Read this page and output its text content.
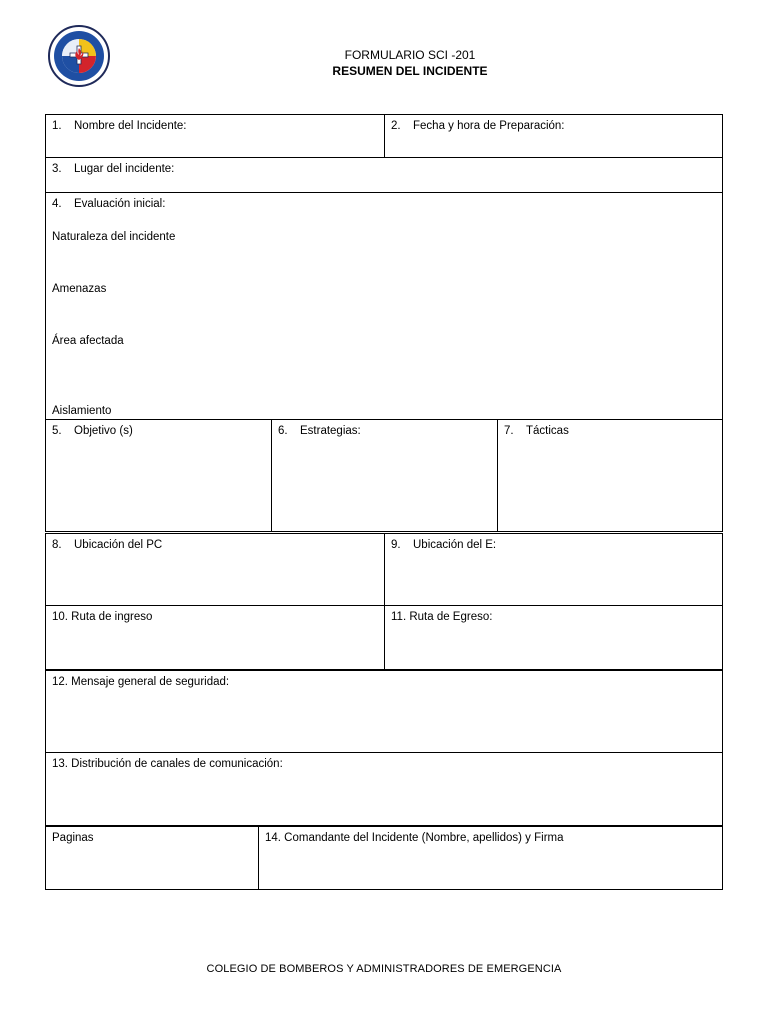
FORMULARIO SCI -201
RESUMEN DEL INCIDENTE
1. Nombre del Incidente:	2. Fecha y hora de Preparación:
3. Lugar del incidente:
4. Evaluación inicial:
Naturaleza del incidente
Amenazas
Área afectada
Aislamiento
5. Objetivo (s)	6. Estrategias:	7. Tácticas
8. Ubicación del PC	9. Ubicación del E:
10. Ruta de ingreso	11. Ruta de Egreso:
12. Mensaje general de seguridad:
13. Distribución de canales de comunicación:
Paginas	14. Comandante del Incidente (Nombre, apellidos) y Firma
COLEGIO DE BOMBEROS Y ADMINISTRADORES DE EMERGENCIA
